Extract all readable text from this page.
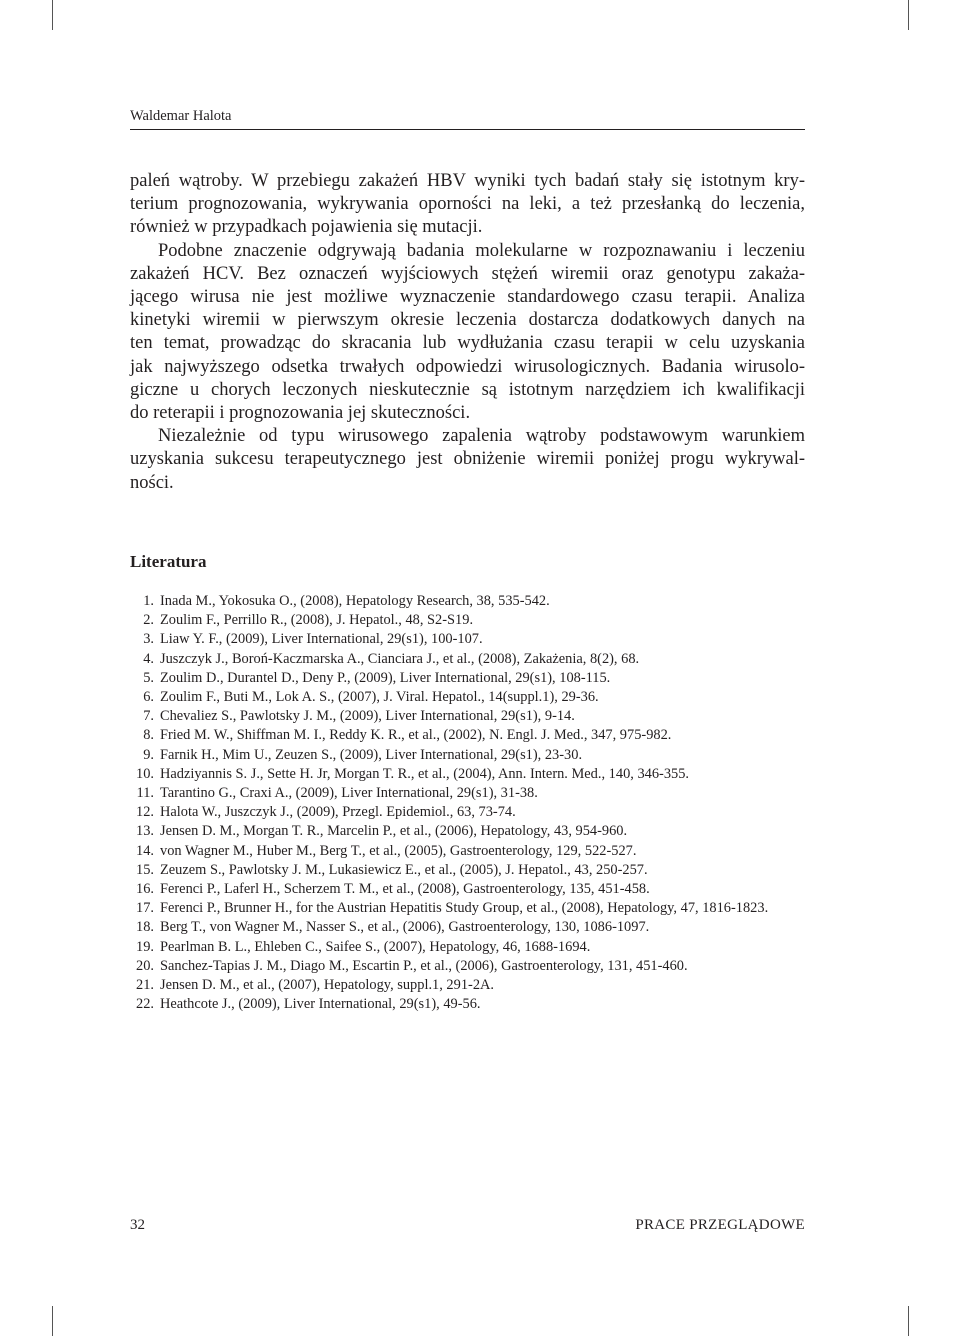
Waldemar Halota

paleń wątroby. W przebiegu zakażeń HBV wyniki tych badań stały się istotnym kry-
terium prognozowania, wykrywania oporności na leki, a też przesłanką do leczenia,
również w przypadkach pojawienia się mutacji.

Podobne znaczenie odgrywają badania molekularne w rozpoznawaniu i leczeniu
zakażeń HCV. Bez oznaczeń wyjściowych stężeń wiremii oraz genotypu zakaża-
jącego wirusa nie jest możliwe wyznaczenie standardowego czasu terapii. Analiza
kinetyki wiremii w pierwszym okresie leczenia dostarcza dodatkowych danych na
ten temat, prowadząc do skracania lub wydłużania czasu terapii w celu uzyskania
jak najwyższego odsetka trwałych odpowiedzi wirusologicznych. Badania wirusolo-
giczne u chorych leczonych nieskutecznie są istotnym narzędziem ich kwalifikacji
do reterapii i prognozowania jej skuteczności.

Niezależnie od typu wirusowego zapalenia wątroby podstawowym warunkiem
uzyskania sukcesu terapeutycznego jest obniżenie wiremii poniżej progu wykrywal-
ności.

Literatura
1. Inada M., Yokosuka O., (2008), Hepatology Research, 38, 535-542.
2. Zoulim F., Perrillo R., (2008), J. Hepatol., 48, S2-S19.
3. Liaw Y. F., (2009), Liver International, 29(s1), 100-107.
4. Juszczyk J., Boroń-Kaczmarska A., Cianciara J., et al., (2008), Zakażenia, 8(2), 68.
5. Zoulim D., Durantel D., Deny P., (2009), Liver International, 29(s1), 108-115.
6. Zoulim F., Buti M., Lok A. S., (2007), J. Viral. Hepatol., 14(suppl.1), 29-36.
7. Chevaliez S., Pawlotsky J. M., (2009), Liver International, 29(s1), 9-14.
8. Fried M. W., Shiffman M. I., Reddy K. R., et al., (2002), N. Engl. J. Med., 347, 975-982.
9. Farnik H., Mim U., Zeuzen S., (2009), Liver International, 29(s1), 23-30.
10. Hadziyannis S. J., Sette H. Jr, Morgan T. R., et al., (2004), Ann. Intern. Med., 140, 346-355.
11. Tarantino G., Craxi A., (2009), Liver International, 29(s1), 31-38.
12. Halota W., Juszczyk J., (2009), Przegl. Epidemiol., 63, 73-74.
13. Jensen D. M., Morgan T. R., Marcelin P., et al., (2006), Hepatology, 43, 954-960.
14. von Wagner M., Huber M., Berg T., et al., (2005), Gastroenterology, 129, 522-527.
15. Zeuzem S., Pawlotsky J. M., Lukasiewicz E., et al., (2005), J. Hepatol., 43, 250-257.
16. Ferenci P., Laferl H., Scherzem T. M., et al., (2008), Gastroenterology, 135, 451-458.
17. Ferenci P., Brunner H., for the Austrian Hepatitis Study Group, et al., (2008), Hepatology, 47, 1816-1823.
18. Berg T., von Wagner M., Nasser S., et al., (2006), Gastroenterology, 130, 1086-1097.
19. Pearlman B. L., Ehleben C., Saifee S., (2007), Hepatology, 46, 1688-1694.
20. Sanchez-Tapias J. M., Diago M., Escartin P., et al., (2006), Gastroenterology, 131, 451-460.
21. Jensen D. M., et al., (2007), Hepatology, suppl.1, 291-2A.
22. Heathcote J., (2009), Liver International, 29(s1), 49-56.
32	PRACE PRZEGLĄDOWE
